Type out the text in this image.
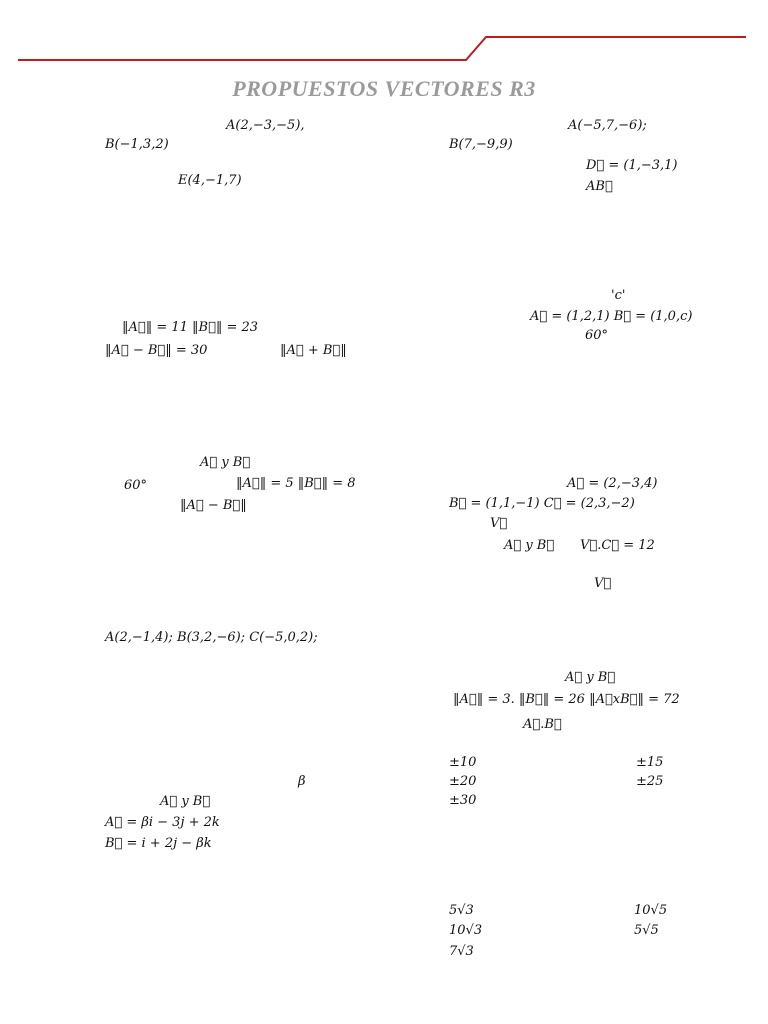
PROPUESTOS VECTORES R3
A(2,−3,−5),
B(−1,3,2)
E(4,−1,7)
‖A⃗‖ = 11 ‖B⃗‖ = 23
‖A⃗ − B⃗‖ = 30	‖A⃗ + B⃗‖
A⃗ y B⃗
60°	‖A⃗‖ = 5 ‖B⃗‖ = 8
‖A⃗ − B⃗‖
A(2,−1,4); B(3,2,−6); C(−5,0,2);
β
A⃗ y B⃗
A⃗ = βi − 3j + 2k
B⃗ = i + 2j − βk
A(−5,7,−6);
B(7,−9,9)
D⃗ = (1,−3,1)
AB⃗
'c'
A⃗ = (1,2,1) B⃗ = (1,0,c)
60°
A⃗ = (2,−3,4)
B⃗ = (1,1,−1) C⃗ = (2,3,−2)
V⃗
A⃗ y B⃗ V⃗.C⃗ = 12
V⃗
A⃗ y B⃗
‖A⃗‖ = 3. ‖B⃗‖ = 26 ‖A⃗xB⃗‖ = 72
A⃗.B⃗
±10	±15
±20	±25
±30
5√3	10√5
10√3	5√5
7√3
